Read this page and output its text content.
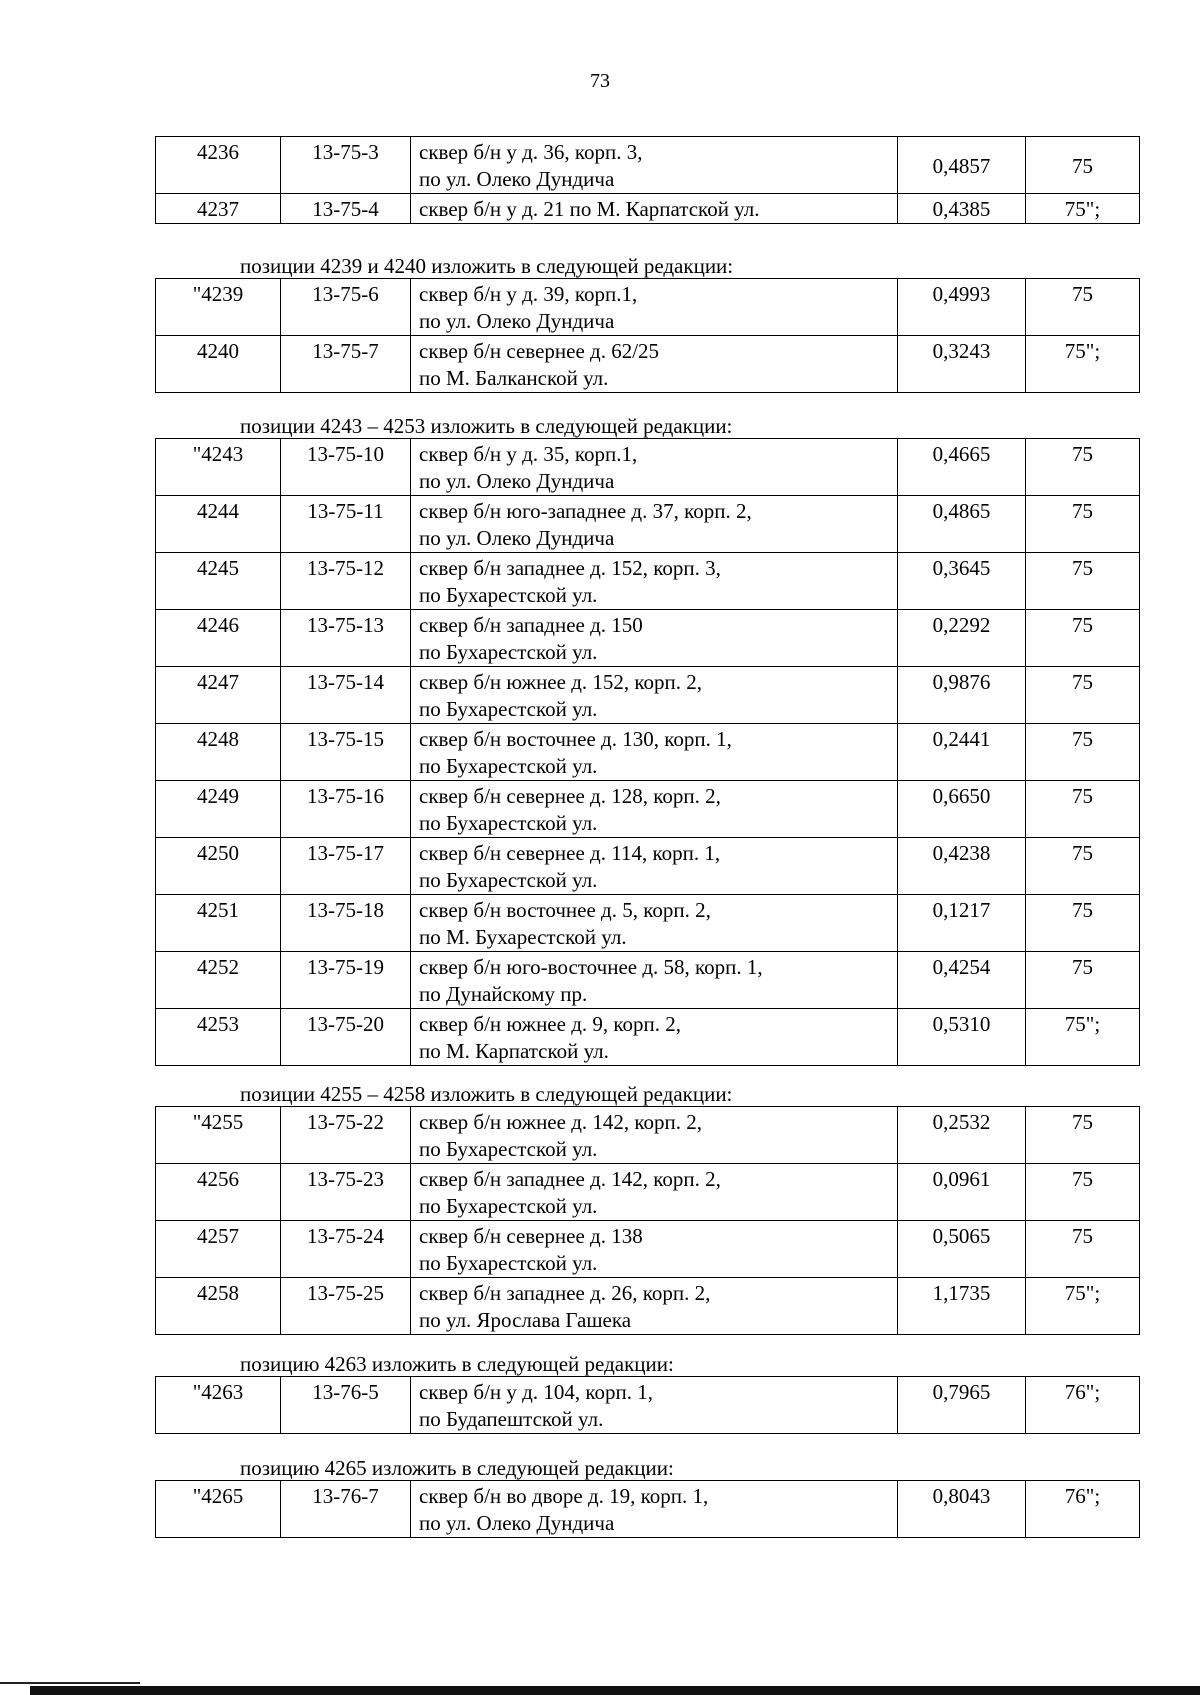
73
4236	13-75-3	сквер б/н у д. 36, корп. 3,
по ул. Олеко Дундича	0,4857	75
4237	13-75-4	сквер б/н у д. 21 по М. Карпатской ул.	0,4385	75";
позиции 4239 и 4240 изложить в следующей редакции:
"4239	13-75-6	сквер б/н у д. 39, корп.1,
по ул. Олеко Дундича	0,4993	75
4240	13-75-7	сквер б/н севернее д. 62/25
по М. Балканской ул.	0,3243	75";
позиции 4243 – 4253 изложить в следующей редакции:
"4243	13-75-10	сквер б/н у д. 35, корп.1,
по ул. Олеко Дундича	0,4665	75
4244	13-75-11	сквер б/н юго-западнее д. 37, корп. 2,
по ул. Олеко Дундича	0,4865	75
4245	13-75-12	сквер б/н западнее д. 152, корп. 3,
по Бухарестской ул.	0,3645	75
4246	13-75-13	сквер б/н западнее д. 150
по Бухарестской ул.	0,2292	75
4247	13-75-14	сквер б/н южнее д. 152, корп. 2,
по Бухарестской ул.	0,9876	75
4248	13-75-15	сквер б/н восточнее д. 130, корп. 1,
по Бухарестской ул.	0,2441	75
4249	13-75-16	сквер б/н севернее д. 128, корп. 2,
по Бухарестской ул.	0,6650	75
4250	13-75-17	сквер б/н севернее д. 114, корп. 1,
по Бухарестской ул.	0,4238	75
4251	13-75-18	сквер б/н восточнее д. 5, корп. 2,
по М. Бухарестской ул.	0,1217	75
4252	13-75-19	сквер б/н юго-восточнее д. 58, корп. 1,
по Дунайскому пр.	0,4254	75
4253	13-75-20	сквер б/н южнее д. 9, корп. 2,
по М. Карпатской ул.	0,5310	75";
позиции 4255 – 4258 изложить в следующей редакции:
"4255	13-75-22	сквер б/н южнее д. 142, корп. 2,
по Бухарестской ул.	0,2532	75
4256	13-75-23	сквер б/н западнее д. 142, корп. 2,
по Бухарестской ул.	0,0961	75
4257	13-75-24	сквер б/н севернее д. 138
по Бухарестской ул.	0,5065	75
4258	13-75-25	сквер б/н западнее д. 26, корп. 2,
по ул. Ярослава Гашека	1,1735	75";
позицию 4263 изложить в следующей редакции:
"4263	13-76-5	сквер б/н у д. 104, корп. 1,
по Будапештской ул.
	0,7965	76";
позицию 4265 изложить в следующей редакции:
"4265	13-76-7	сквер б/н во дворе д. 19, корп. 1,
по ул. Олеко Дундича
	0,8043	76";
